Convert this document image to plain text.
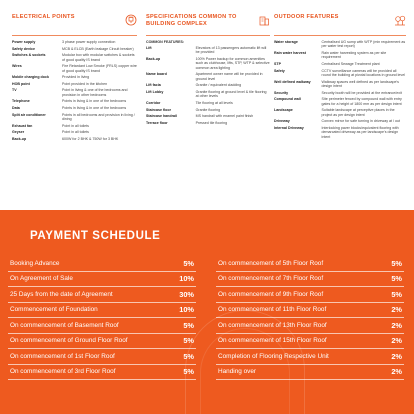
ELECTRICAL POINTS
Power supply	3 phase power supply connection
Safety device	MCB & ELCB (Earth leakage Circuit breaker)
Switches & sockets	Modular box with modular switches & sockets of good quality IS brand
Wires	Fire Retardant Low Smoke (FRLS) copper wire of good quality IS brand
Mobile charging dock	Provided in living
HOB point	Point provided in the kitchen
TV	Point in living & one of the bedrooms and provision in other bedrooms
Telephone	Points in living & in one of the bedrooms
Data	Points in living & in one of the bedrooms
Split air conditioner	Points in all bedrooms and provision in living / dining
Exhaust fan	Point in all toilets
Geyser	Point in all toilets
Back-up	600W for 2 BHK & 750W for 3 BHK
SPECIFICATIONS COMMON TO
BUILDING COMPLEX
COMMON FEATURES:
Lift	Elevators of 13 passengers automatic lift will be provided
Back-up	100% Power backup for common amenities such as clubhouse, lifts, STP, WTP & selective common area lighting
Name board	Apartment owner name will be provided in ground level
Lift facia	Granite / equivalent cladding
Lift Lobby	Granite flooring at ground level & tile flooring at other levels
Corridor	Tile flooring at all levels
Staircase floor	Granite flooring
Staircase handrail	MS handrail with enamel paint finish
Terrace floor	Pressed tile flooring
OUTDOOR FEATURES
Water storage	Centralised UG sump with WTP (min requirement as per water test report)
Rain water harvest	Rain water harvesting system as per site requirement
STP	Centralised Sewage Treatment plant
Safety	CCTV surveillance cameras will be provided all round the building at pivotal locations in ground level
Well defined walkway	Walkway spaces well defined as per landscape's design intent
Security	Security booth will be provided at the entrance/exit
Compound wall	Site perimeter fenced by compound wall with entry gates for a height of 1800 mm as per design intent
Landscape	Suitable landscape at perceptive places in the project as per design intent
Driveway	Convex mirror for safe turning in driveway at / out
Internal Driveway	Interlocking paver blocks/equivalent flooring with demarcated driveway as per landscape's design intent
PAYMENT SCHEDULE
Booking Advance	5%
On Agreement of Sale	10%
25 Days from the date of Agreement	30%
Commencement of Foundation	10%
On commencement of Basement Roof	5%
On commencement of Ground Floor Roof	5%
On commencement of 1st Floor Roof	5%
On commencement of 3rd Floor Roof	5%
On commencement of 5th Floor Roof	5%
On commencement of 7th Floor Roof	5%
On commencement of 9th Floor Roof	5%
On commencement of 11th Floor Roof	2%
On commencement of 13th Floor Roof	2%
On commencement of 15th Floor Roof	2%
Completion of Flooring Respective Unit	2%
Handing over	2%
